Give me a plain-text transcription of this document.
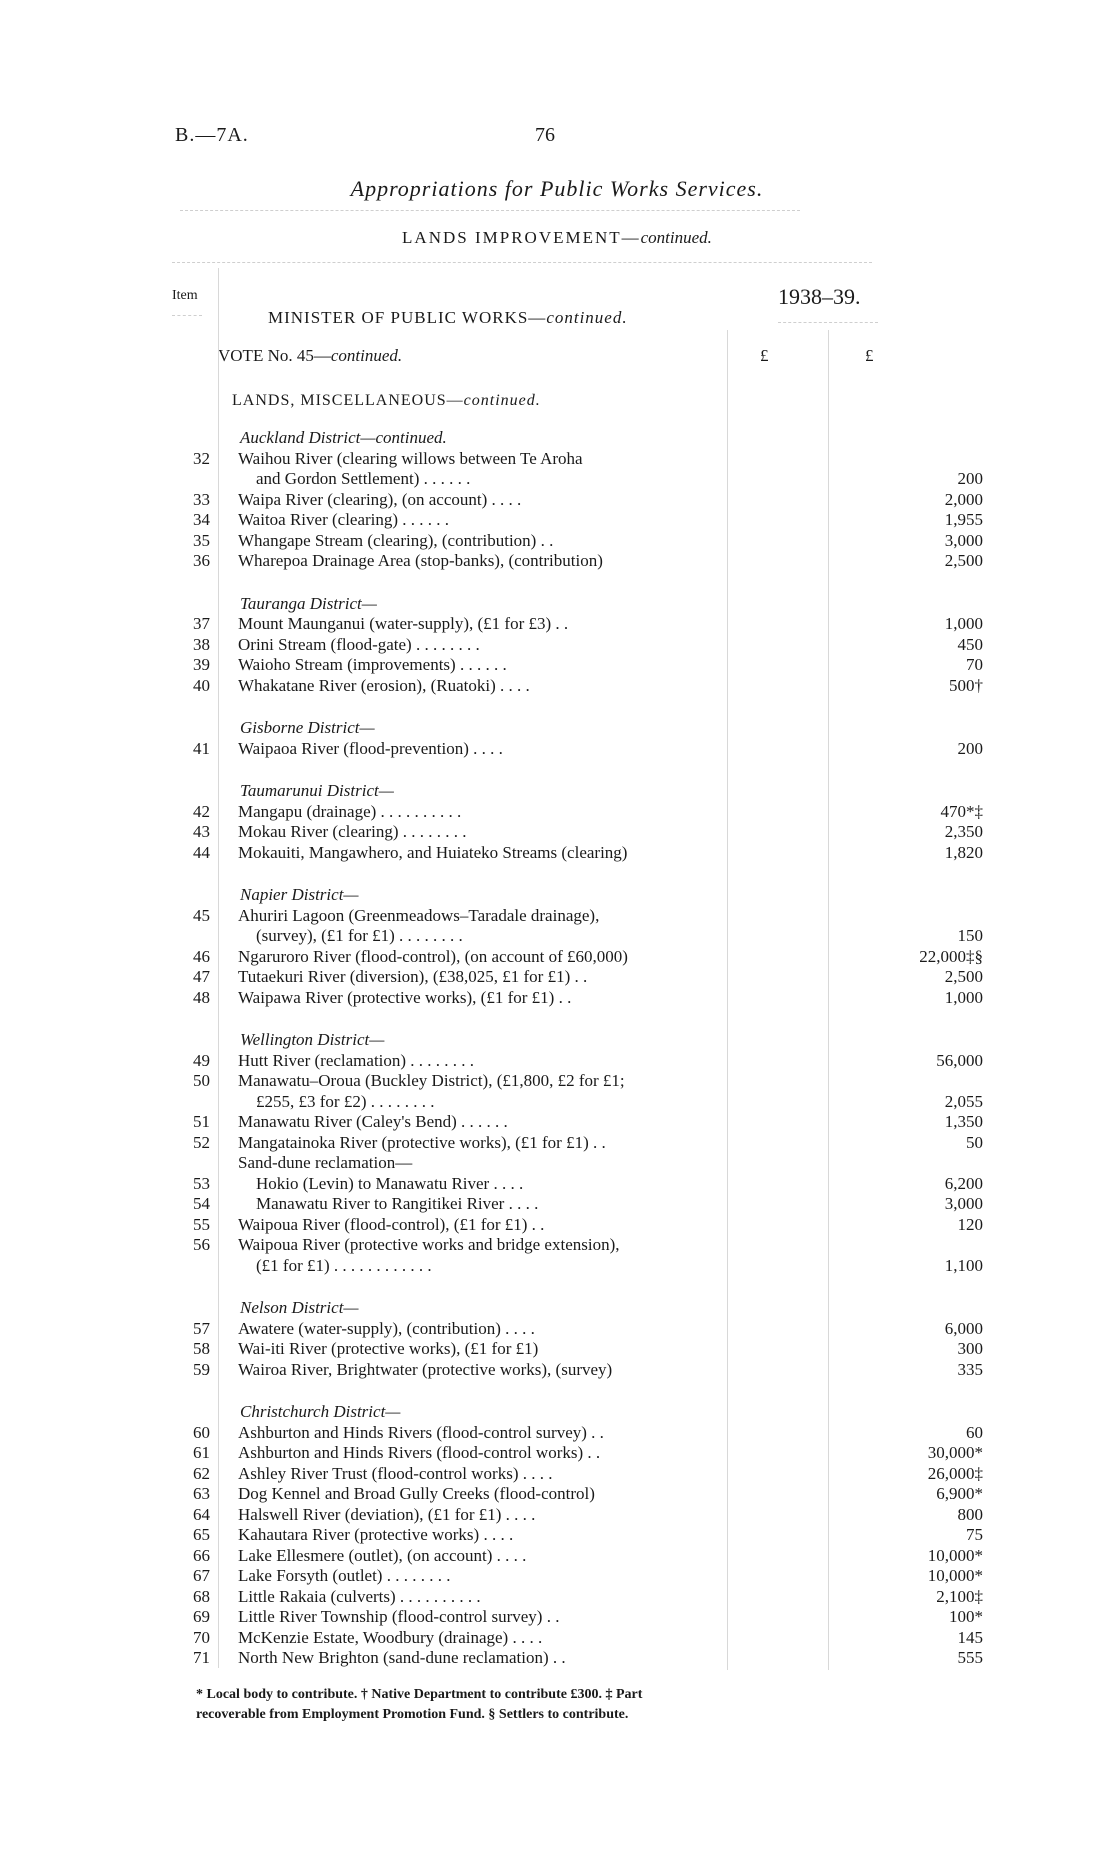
B.—7A.	76
Appropriations for Public Works Services.
LANDS IMPROVEMENT—continued.
Item	1938–39.
MINISTER OF PUBLIC WORKS—continued.
VOTE No. 45—continued.	£	£
LANDS, MISCELLANEOUS—continued.
Auckland District—continued.
32 Waihou River (clearing willows between Te Aroha
and Gordon Settlement) . . . . . .	200
33 Waipa River (clearing), (on account) . . . .	2,000
34 Waitoa River (clearing) . . . . . .	1,955
35 Whangape Stream (clearing), (contribution) . .	3,000
36 Wharepoa Drainage Area (stop-banks), (contribution)	2,500
Tauranga District—
37 Mount Maunganui (water-supply), (£1 for £3) . .	1,000
38 Orini Stream (flood-gate) . . . . . . . .	450
39 Waioho Stream (improvements) . . . . . .	70
40 Whakatane River (erosion), (Ruatoki) . . . .	500†
Gisborne District—
41 Waipaoa River (flood-prevention) . . . .	200
Taumarunui District—
42 Mangapu (drainage) . . . . . . . . . .	470*‡
43 Mokau River (clearing) . . . . . . . .	2,350
44 Mokauiti, Mangawhero, and Huiateko Streams (clearing)	1,820
Napier District—
45 Ahuriri Lagoon (Greenmeadows–Taradale drainage),
(survey), (£1 for £1) . . . . . . . .	150
46 Ngaruroro River (flood-control), (on account of £60,000)	22,000‡§
47 Tutaekuri River (diversion), (£38,025, £1 for £1) . .	2,500
48 Waipawa River (protective works), (£1 for £1) . .	1,000
Wellington District—
49 Hutt River (reclamation) . . . . . . . .	56,000
50 Manawatu–Oroua (Buckley District), (£1,800, £2 for £1;
£255, £3 for £2) . . . . . . . .	2,055
51 Manawatu River (Caley's Bend) . . . . . .	1,350
52 Mangatainoka River (protective works), (£1 for £1) . .	50
Sand-dune reclamation—
53	Hokio (Levin) to Manawatu River . . . .	6,200
54	Manawatu River to Rangitikei River . . . .	3,000
55 Waipoua River (flood-control), (£1 for £1) . .	120
56 Waipoua River (protective works and bridge extension),
(£1 for £1) . . . . . . . . . . . .	1,100
Nelson District—
57 Awatere (water-supply), (contribution) . . . .	6,000
58 Wai-iti River (protective works), (£1 for £1)	300
59 Wairoa River, Brightwater (protective works), (survey)	335
Christchurch District—
60 Ashburton and Hinds Rivers (flood-control survey) . .	60
61 Ashburton and Hinds Rivers (flood-control works) . .	30,000*
62 Ashley River Trust (flood-control works) . . . .	26,000‡
63 Dog Kennel and Broad Gully Creeks (flood-control)	6,900*
64 Halswell River (deviation), (£1 for £1) . . . .	800
65 Kahautara River (protective works) . . . .	75
66 Lake Ellesmere (outlet), (on account) . . . .	10,000*
67 Lake Forsyth (outlet) . . . . . . . .	10,000*
68 Little Rakaia (culverts) . . . . . . . . . .	2,100‡
69 Little River Township (flood-control survey) . .	100*
70 McKenzie Estate, Woodbury (drainage) . . . .	145
71 North New Brighton (sand-dune reclamation) . .	555
* Local body to contribute. † Native Department to contribute £300. ‡ Part
recoverable from Employment Promotion Fund. § Settlers to contribute.
